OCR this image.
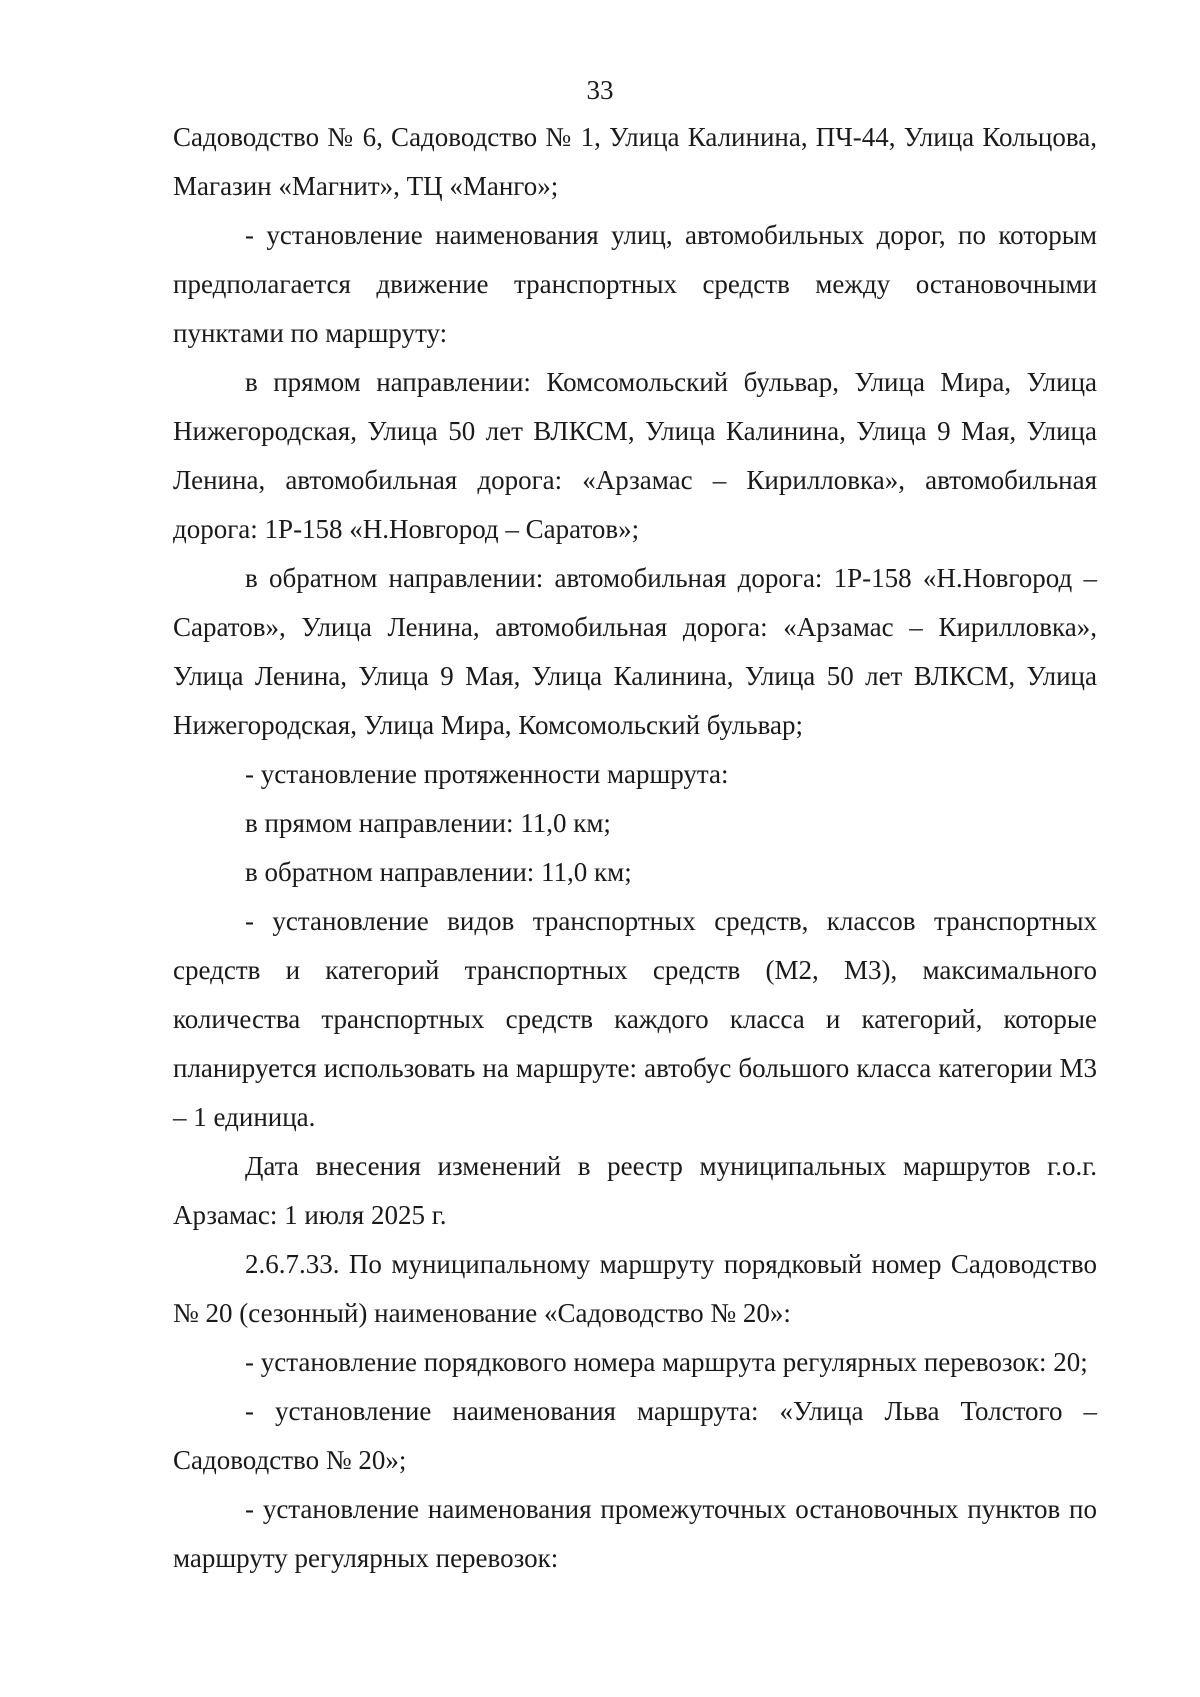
33

Садоводство № 6, Садоводство № 1, Улица Калинина, ПЧ-44, Улица Кольцова, Магазин «Магнит», ТЦ «Манго»;

- установление наименования улиц, автомобильных дорог, по которым предполагается движение транспортных средств между остановочными пунктами по маршруту:

в прямом направлении: Комсомольский бульвар, Улица Мира, Улица Нижегородская, Улица 50 лет ВЛКСМ, Улица Калинина, Улица 9 Мая, Улица Ленина, автомобильная дорога: «Арзамас – Кирилловка», автомобильная дорога: 1Р-158 «Н.Новгород – Саратов»;

в обратном направлении: автомобильная дорога: 1Р-158 «Н.Новгород – Саратов», Улица Ленина, автомобильная дорога: «Арзамас – Кирилловка», Улица Ленина, Улица 9 Мая, Улица Калинина, Улица 50 лет ВЛКСМ, Улица Нижегородская, Улица Мира, Комсомольский бульвар;

- установление протяженности маршрута:

в прямом направлении: 11,0 км;

в обратном направлении: 11,0 км;

- установление видов транспортных средств, классов транспортных средств и категорий транспортных средств (М2, М3), максимального количества транспортных средств каждого класса и категорий, которые планируется использовать на маршруте: автобус большого класса категории М3 – 1 единица.

Дата внесения изменений в реестр муниципальных маршрутов г.о.г. Арзамас: 1 июля 2025 г.

2.6.7.33. По муниципальному маршруту порядковый номер Садоводство № 20 (сезонный) наименование «Садоводство № 20»:

- установление порядкового номера маршрута регулярных перевозок: 20;

- установление наименования маршрута: «Улица Льва Толстого –Садоводство № 20»;

- установление наименования промежуточных остановочных пунктов по маршруту регулярных перевозок:
